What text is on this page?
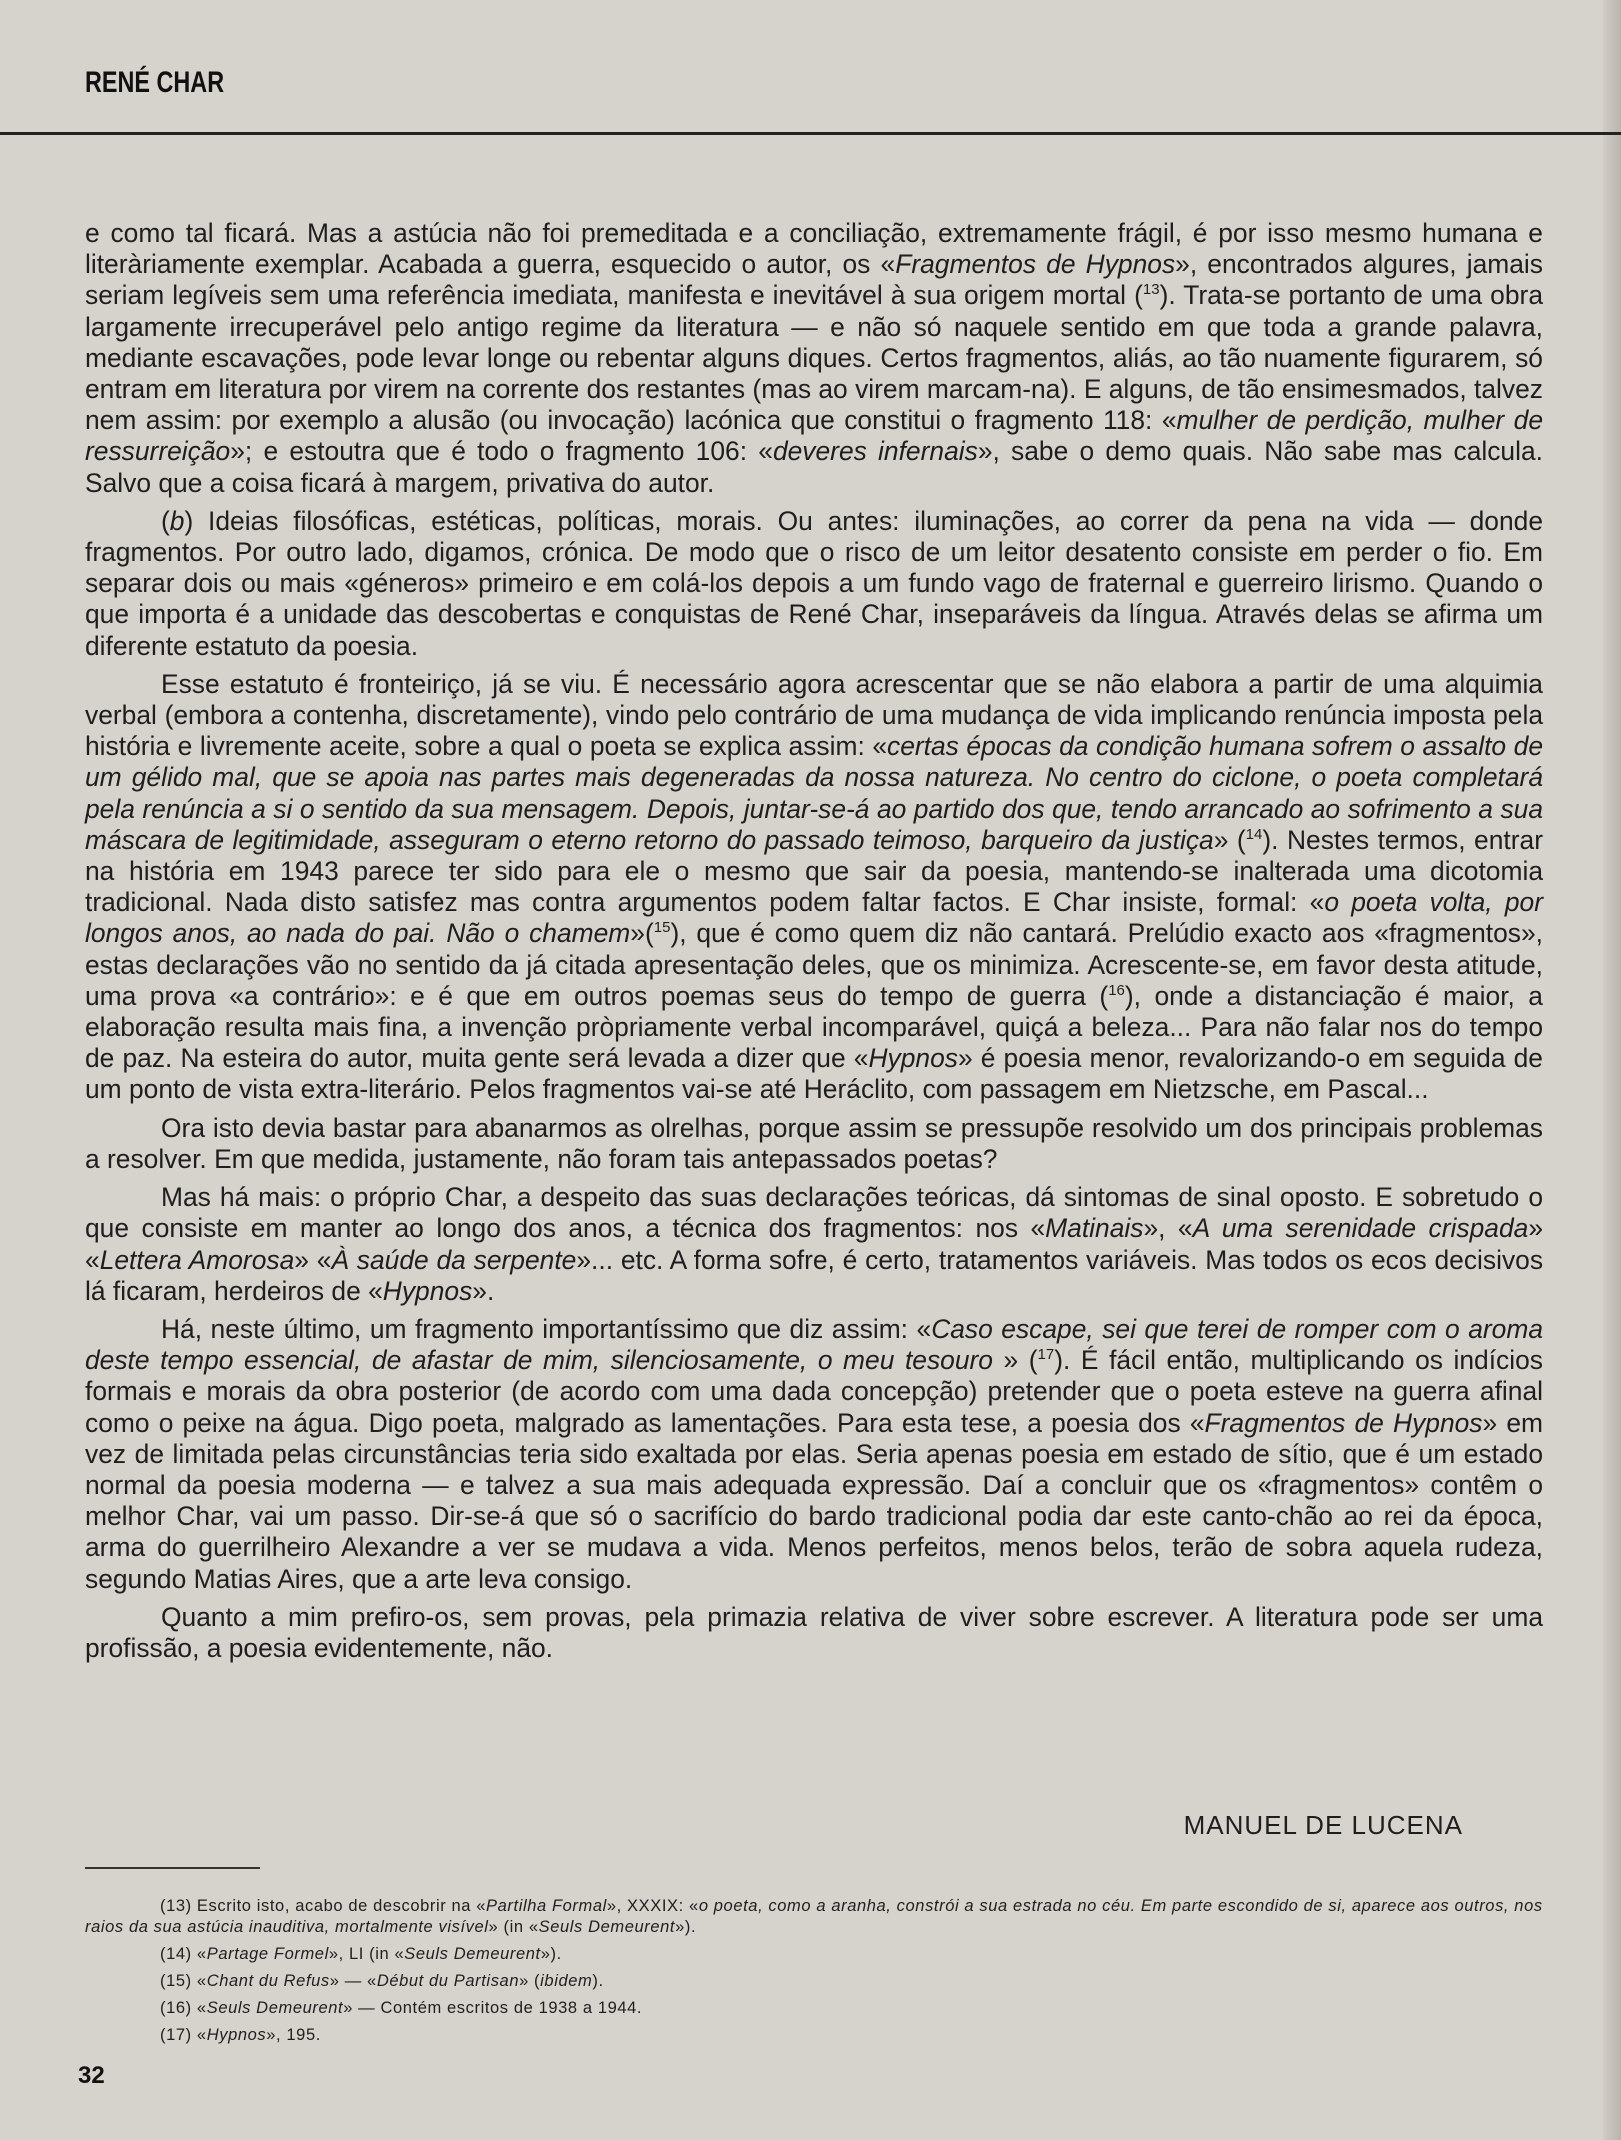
RENÉ CHAR

e como tal ficará. Mas a astúcia não foi premeditada e a conciliação, extremamente frágil, é por isso mesmo humana e literàriamente exemplar. Acabada a guerra, esquecido o autor, os «Fragmentos de Hypnos», encontrados algures, jamais seriam legíveis sem uma referência imediata, manifesta e inevitável à sua origem mortal ($^{13}$). Trata-se portanto de uma obra largamente irrecuperável pelo antigo regime da literatura — e não só naquele sentido em que toda a grande palavra, mediante escavações, pode levar longe ou rebentar alguns diques. Certos fragmentos, aliás, ao tão nuamente figurarem, só entram em literatura por virem na corrente dos restantes (mas ao virem marcam-na). E alguns, de tão ensimesmados, talvez nem assim: por exemplo a alusão (ou invocação) lacónica que constitui o fragmento 118: «mulher de perdição, mulher de ressurreição»; e estoutra que é todo o fragmento 106: «deveres infernais», sabe o demo quais. Não sabe mas calcula. Salvo que a coisa ficará à margem, privativa do autor.

(b) Ideias filosóficas, estéticas, políticas, morais. Ou antes: iluminações, ao correr da pena na vida — donde fragmentos. Por outro lado, digamos, crónica. De modo que o risco de um leitor desatento consiste em perder o fio. Em separar dois ou mais «géneros» primeiro e em colá-los depois a um fundo vago de fraternal e guerreiro lirismo. Quando o que importa é a unidade das descobertas e conquistas de René Char, inseparáveis da língua. Através delas se afirma um diferente estatuto da poesia.

Esse estatuto é fronteiriço, já se viu. É necessário agora acrescentar que se não elabora a partir de uma alquimia verbal (embora a contenha, discretamente), vindo pelo contrário de uma mudança de vida implicando renúncia imposta pela história e livremente aceite, sobre a qual o poeta se explica assim: «certas épocas da condição humana sofrem o assalto de um gélido mal, que se apoia nas partes mais degeneradas da nossa natureza. No centro do ciclone, o poeta completará pela renúncia a si o sentido da sua mensagem. Depois, juntar-se-á ao partido dos que, tendo arrancado ao sofrimento a sua máscara de legitimidade, asseguram o eterno retorno do passado teimoso, barqueiro da justiça» ($^{14}$). Nestes termos, entrar na história em 1943 parece ter sido para ele o mesmo que sair da poesia, mantendo-se inalterada uma dicotomia tradicional. Nada disto satisfez mas contra argumentos podem faltar factos. E Char insiste, formal: «o poeta volta, por longos anos, ao nada do pai. Não o chamem»($^{15}$), que é como quem diz não cantará. Prelúdio exacto aos «fragmentos», estas declarações vão no sentido da já citada apresentação deles, que os minimiza. Acrescente-se, em favor desta atitude, uma prova «a contrário»: e é que em outros poemas seus do tempo de guerra ($^{16}$), onde a distanciação é maior, a elaboração resulta mais fina, a invenção pròpriamente verbal incomparável, quiçá a beleza... Para não falar nos do tempo de paz. Na esteira do autor, muita gente será levada a dizer que «Hypnos» é poesia menor, revalorizando-o em seguida de um ponto de vista extra-literário. Pelos fragmentos vai-se até Heráclito, com passagem em Nietzsche, em Pascal...

Ora isto devia bastar para abanarmos as olrelhas, porque assim se pressupõe resolvido um dos principais problemas a resolver. Em que medida, justamente, não foram tais antepassados poetas?

Mas há mais: o próprio Char, a despeito das suas declarações teóricas, dá sintomas de sinal oposto. E sobretudo o que consiste em manter ao longo dos anos, a técnica dos fragmentos: nos «Matinais», «A uma serenidade crispada» «Lettera Amorosa» «À saúde da serpente»... etc. A forma sofre, é certo, tratamentos variáveis. Mas todos os ecos decisivos lá ficaram, herdeiros de «Hypnos».

Há, neste último, um fragmento importantíssimo que diz assim: «Caso escape, sei que terei de romper com o aroma deste tempo essencial, de afastar de mim, silenciosamente, o meu tesouro » ($^{17}$). É fácil então, multiplicando os indícios formais e morais da obra posterior (de acordo com uma dada concepção) pretender que o poeta esteve na guerra afinal como o peixe na água. Digo poeta, malgrado as lamentações. Para esta tese, a poesia dos «Fragmentos de Hypnos» em vez de limitada pelas circunstâncias teria sido exaltada por elas. Seria apenas poesia em estado de sítio, que é um estado normal da poesia moderna — e talvez a sua mais adequada expressão. Daí a concluir que os «fragmentos» contêm o melhor Char, vai um passo. Dir-se-á que só o sacrifício do bardo tradicional podia dar este canto-chão ao rei da época, arma do guerrilheiro Alexandre a ver se mudava a vida. Menos perfeitos, menos belos, terão de sobra aquela rudeza, segundo Matias Aires, que a arte leva consigo.

Quanto a mim prefiro-os, sem provas, pela primazia relativa de viver sobre escrever. A literatura pode ser uma profissão, a poesia evidentemente, não.

MANUEL DE LUCENA

(13) Escrito isto, acabo de descobrir na «Partilha Formal», XXXIX: «o poeta, como a aranha, constrói a sua estrada no céu. Em parte escondido de si, aparece aos outros, nos raios da sua astúcia inauditiva, mortalmente visível» (in «Seuls Demeurent»).

(14) «Partage Formel», LI (in «Seuls Demeurent»).

(15) «Chant du Refus» — «Début du Partisan» (ibidem).

(16) «Seuls Demeurent» — Contém escritos de 1938 a 1944.

(17) «Hypnos», 195.

32
